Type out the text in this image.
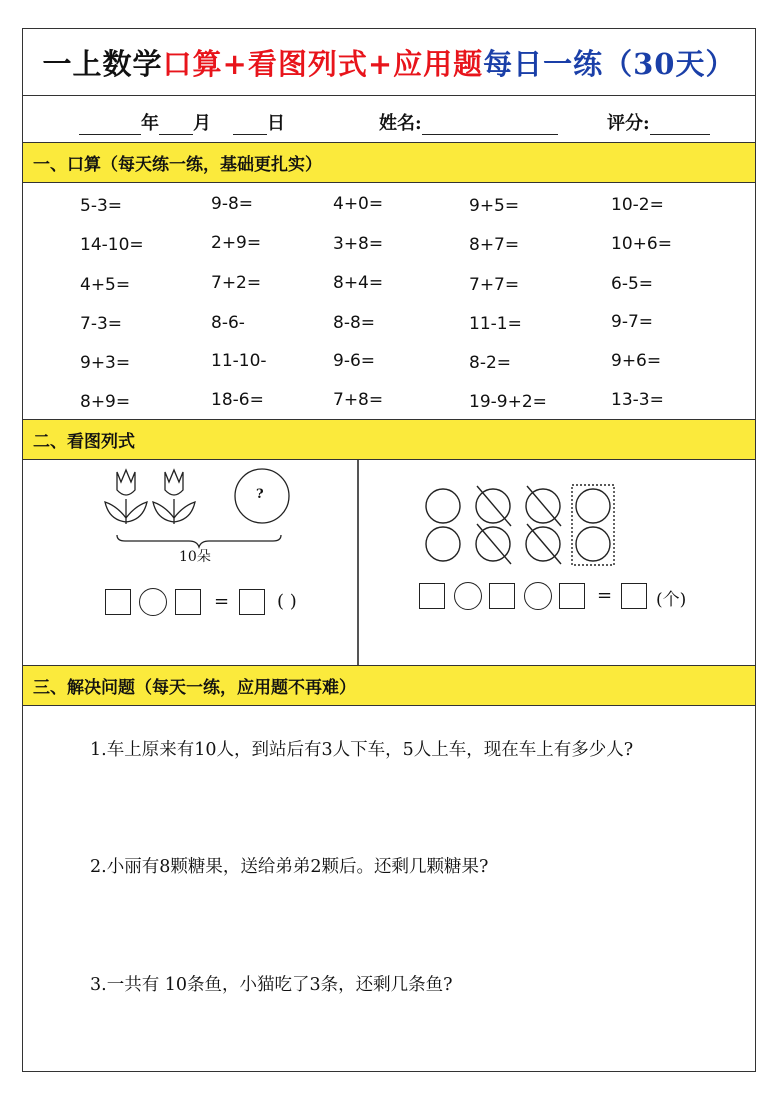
一上数学 口算+看图列式+应用题 每日一练（30天）
年 月	日	姓名:	评分:
一、口算（每天练一练，基础更扎实）
5-3=	9-8=	4+0=	9+5=	10-2=
14-10=	2+9=	3+8=	8+7=	10+6=
4+5=	7+2=	8+4=	7+7=	6-5=
7-3=	8-6-	8-8=	11-1=	9-7=
9+3=	11-10-	9-6=	8-2=	9+6=
8+9=	18-6=	7+8=	19-9+2=	13-3=
二、看图列式
?
10朵
=	( )	=	(个)
三、解决问题（每天一练，应用题不再难）
1.车上原来有10人，到站后有3人下车，5人上车，现在车上有多少人?
2.小丽有8颗糖果，送给弟弟2颗后。还剩几颗糖果?
3.一共有 10条鱼，小猫吃了3条，还剩几条鱼?
